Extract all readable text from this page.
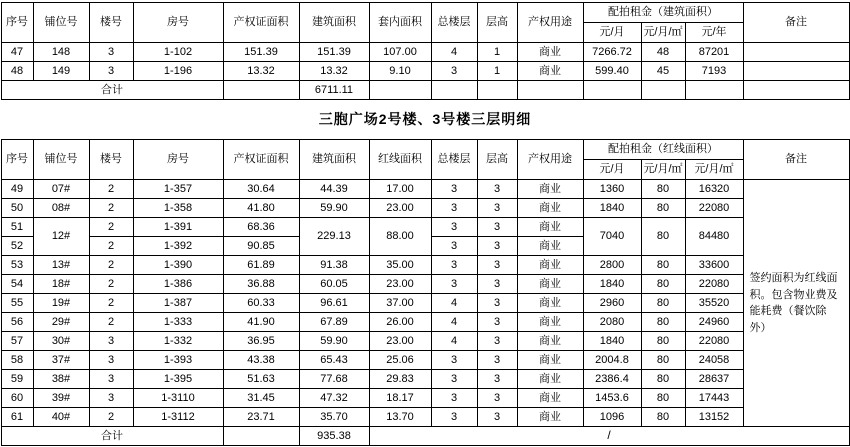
序号	铺位号	楼号	房号	产权证面积	建筑面积	套内面积	总楼层	层高	产权用途	配拍租金（建筑面积）			备注
										元/月	元/月/㎡	元/年	
47	148	3	1-102	151.39	151.39	107.00	4	1	商业	7266.72	48	87201	
48	149	3	1-196	13.32	13.32	9.10	3	1	商业	599.40	45	7193	
合计					6711.11								
三胞广场2号楼、3号楼三层明细
序号	铺位号	楼号	房号	产权证面积	建筑面积	红线面积	总楼层	层高	产权用途	配拍租金（红线面积）			备注
										元/月	元/月/㎡	元/月/㎡	
49	07#	2	1-357	30.64	44.39	17.00	3	3	商业	1360	80	16320	签约面积为红线面积。包含物业费及能耗费（餐饮除外）
50	08#	2	1-358	41.80	59.90	23.00	3	3	商业	1840	80	22080	
51	12#	2	1-391	68.36	229.13	88.00	3	3	商业	7040	80	84480	
52		2	1-392	90.85			3	3	商业				
53	13#	2	1-390	61.89	91.38	35.00	3	3	商业	2800	80	33600	
54	18#	2	1-386	36.88	60.05	23.00	3	3	商业	1840	80	22080	
55	19#	2	1-387	60.33	96.61	37.00	4	3	商业	2960	80	35520	
56	29#	2	1-333	41.90	67.89	26.00	4	3	商业	2080	80	24960	
57	30#	3	1-332	36.95	59.90	23.00	4	3	商业	1840	80	22080	
58	37#	3	1-393	43.38	65.43	25.06	3	3	商业	2004.8	80	24058	
59	38#	3	1-395	51.63	77.68	29.83	3	3	商业	2386.4	80	28637	
60	39#	3	1-3110	31.45	47.32	18.17	3	3	商业	1453.6	80	17443	
61	40#	2	1-3112	23.71	35.70	13.70	3	3	商业	1096	80	13152	
合计					935.38	/							
